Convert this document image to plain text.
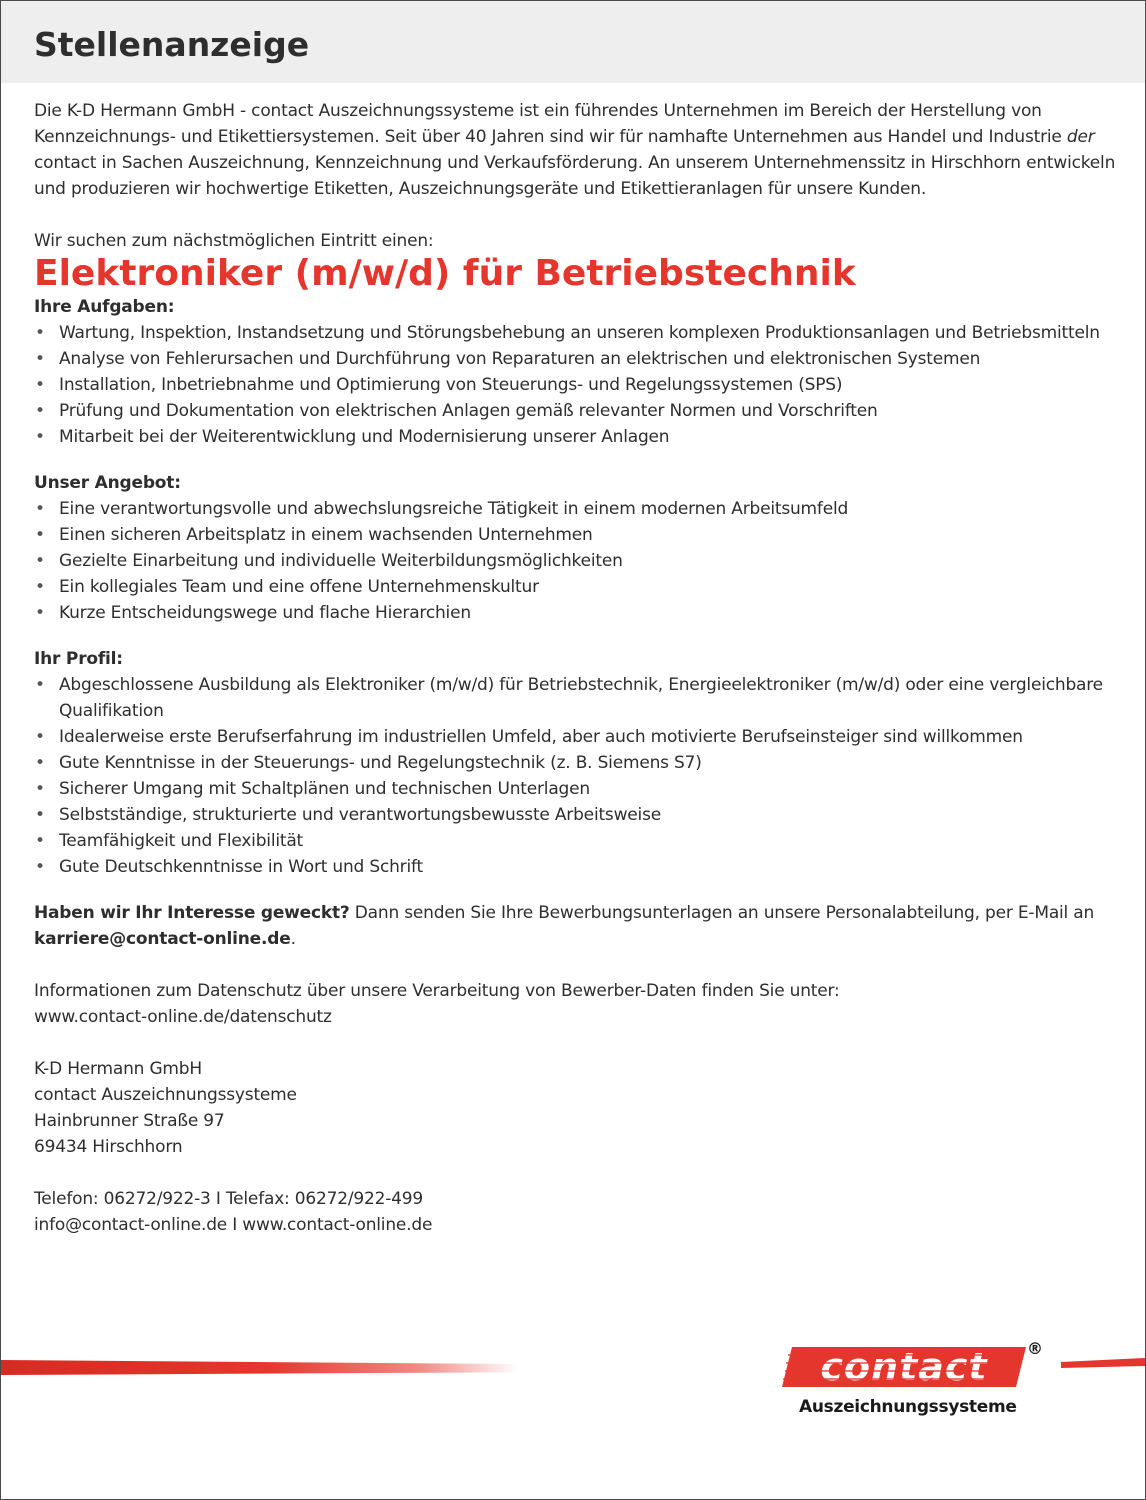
Stellenanzeige

Die K-D Hermann GmbH - contact Auszeichnungssysteme ist ein führendes Unternehmen im Bereich der Herstellung von Kennzeichnungs- und Etikettiersystemen. Seit über 40 Jahren sind wir für namhafte Unternehmen aus Handel und Industrie der contact in Sachen Auszeichnung, Kennzeichnung und Verkaufsförderung. An unserem Unternehmenssitz in Hirschhorn entwickeln und produzieren wir hochwertige Etiketten, Auszeichnungsgeräte und Etikettieranlagen für unsere Kunden.

Wir suchen zum nächstmöglichen Eintritt einen:

Elektroniker (m/w/d) für Betriebstechnik

Ihre Aufgaben:

• Wartung, Inspektion, Instandsetzung und Störungsbehebung an unseren komplexen Produktionsanlagen und Betriebsmitteln
• Analyse von Fehlerursachen und Durchführung von Reparaturen an elektrischen und elektronischen Systemen
• Installation, Inbetriebnahme und Optimierung von Steuerungs- und Regelungssystemen (SPS)
• Prüfung und Dokumentation von elektrischen Anlagen gemäß relevanter Normen und Vorschriften
• Mitarbeit bei der Weiterentwicklung und Modernisierung unserer Anlagen

Unser Angebot:

• Eine verantwortungsvolle und abwechslungsreiche Tätigkeit in einem modernen Arbeitsumfeld
• Einen sicheren Arbeitsplatz in einem wachsenden Unternehmen
• Gezielte Einarbeitung und individuelle Weiterbildungsmöglichkeiten
• Ein kollegiales Team und eine offene Unternehmenskultur
• Kurze Entscheidungswege und flache Hierarchien

Ihr Profil:

• Abgeschlossene Ausbildung als Elektroniker (m/w/d) für Betriebstechnik, Energieelektroniker (m/w/d) oder eine vergleichbare Qualifikation
• Idealerweise erste Berufserfahrung im industriellen Umfeld, aber auch motivierte Berufseinsteiger sind willkommen
• Gute Kenntnisse in der Steuerungs- und Regelungstechnik (z. B. Siemens S7)
• Sicherer Umgang mit Schaltplänen und technischen Unterlagen
• Selbstständige, strukturierte und verantwortungsbewusste Arbeitsweise
• Teamfähigkeit und Flexibilität
• Gute Deutschkenntnisse in Wort und Schrift

Haben wir Ihr Interesse geweckt? Dann senden Sie Ihre Bewerbungsunterlagen an unsere Personalabteilung, per E-Mail an karriere@contact-online.de.

Informationen zum Datenschutz über unsere Verarbeitung von Bewerber-Daten finden Sie unter:

www.contact-online.de/datenschutz

K-D Hermann GmbH

contact Auszeichnungssysteme

Hainbrunner Straße 97

69434 Hirschhorn

Telefon: 06272/922-3 I Telefax: 06272/922-499

info@contact-online.de I www.contact-online.de

contact ®
Auszeichnungssysteme
